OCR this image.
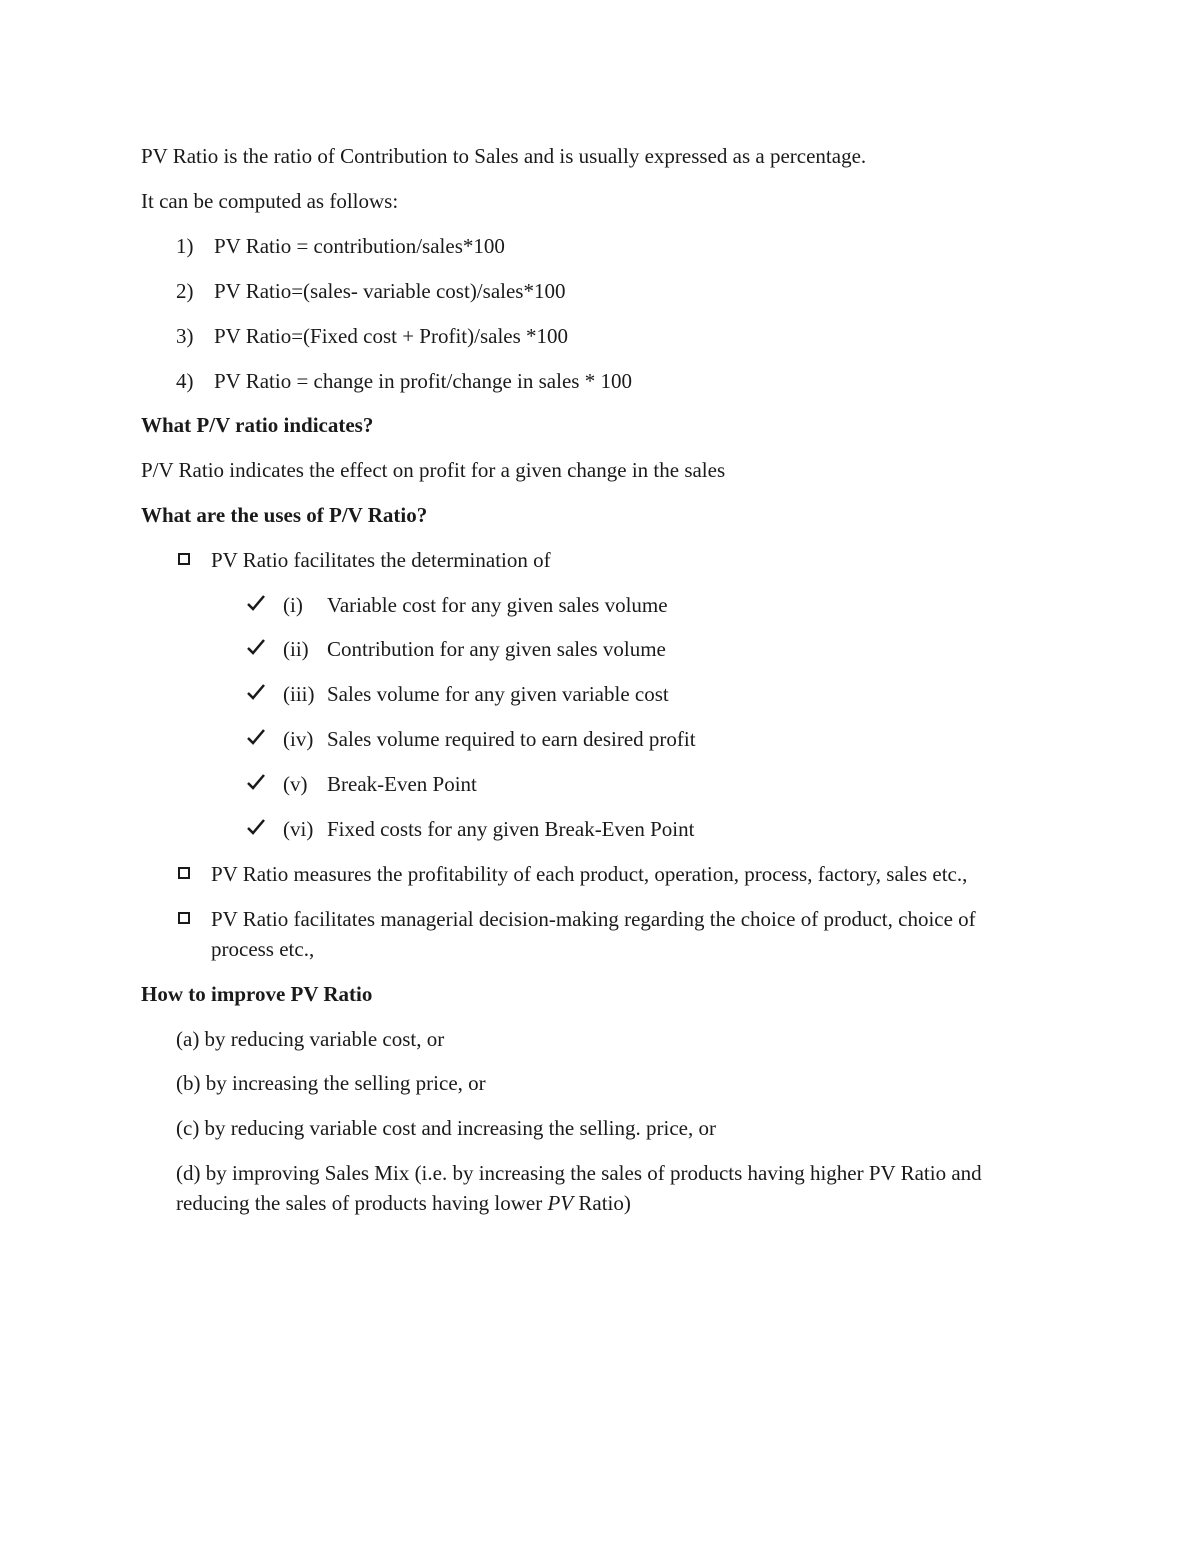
PV Ratio is the ratio of Contribution to Sales and is usually expressed as a percentage.
It can be computed as follows:
1) PV Ratio = contribution/sales*100
2) PV Ratio=(sales- variable cost)/sales*100
3) PV Ratio=(Fixed cost + Profit)/sales *100
4) PV Ratio = change in profit/change in sales * 100
What P/V ratio indicates?
P/V Ratio indicates the effect on profit for a given change in the sales
What are the uses of P/V Ratio?
PV Ratio facilitates the determination of
(i) Variable cost for any given sales volume
(ii) Contribution for any given sales volume
(iii) Sales volume for any given variable cost
(iv) Sales volume required to earn desired profit
(v) Break-Even Point
(vi) Fixed costs for any given Break-Even Point
PV Ratio measures the profitability of each product, operation, process, factory, sales etc.,
PV Ratio facilitates managerial decision-making regarding the choice of product, choice of
process etc.,
How to improve PV Ratio
(a) by reducing variable cost, or
(b) by increasing the selling price, or
(c) by reducing variable cost and increasing the selling. price, or
(d) by improving Sales Mix (i.e. by increasing the sales of products having higher PV Ratio and
reducing the sales of products having lower PV Ratio)
